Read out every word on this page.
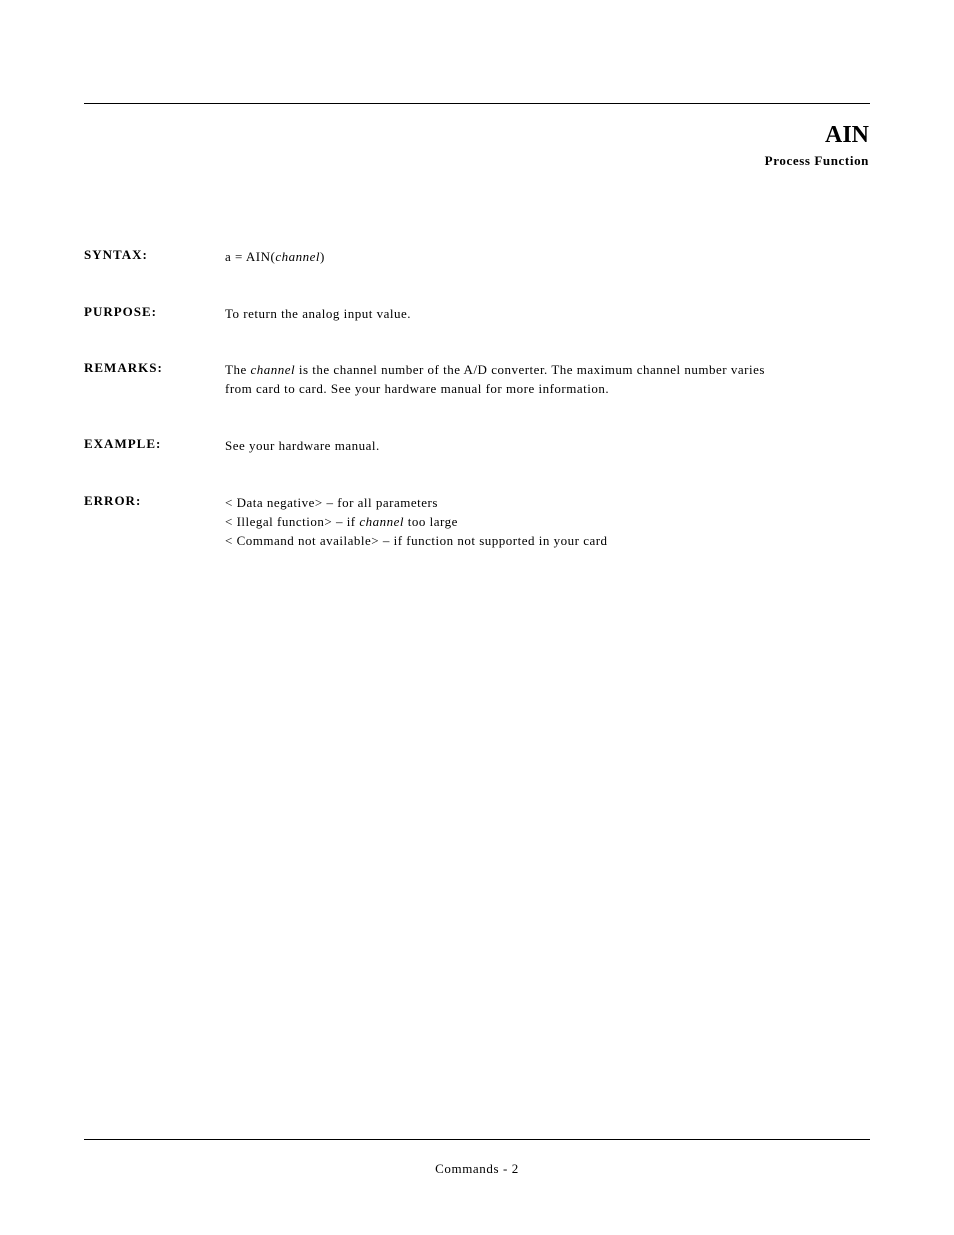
AIN
Process Function
SYNTAX:	a = AIN(channel)
PURPOSE:	To return the analog input value.
REMARKS:	The channel is the channel number of the A/D converter. The maximum channel number varies
from card to card. See your hardware manual for more information.
EXAMPLE:	See your hardware manual.
ERROR:	< Data negative> – for all parameters
< Illegal function> – if channel too large
< Command not available> – if function not supported in your card
Commands - 2
